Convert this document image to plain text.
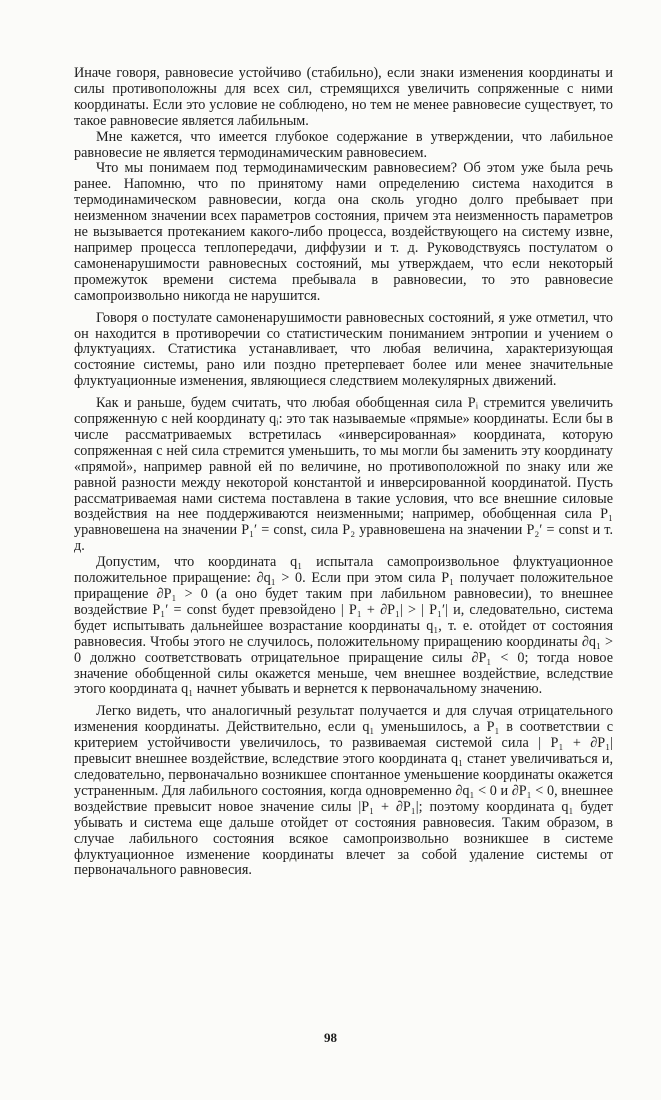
Иначе говоря, равновесие устойчиво (стабильно), если знаки изменения координаты и силы противоположны для всех сил, стремящихся увеличить сопряженные с ними координаты. Если это условие не соблюдено, но тем не менее равновесие существует, то такое равновесие является лабильным.

Мне кажется, что имеется глубокое содержание в утверждении, что лабильное равновесие не является термодинамическим равновесием.

Что мы понимаем под термодинамическим равновесием? Об этом уже была речь ранее. Напомню, что по принятому нами определению система находится в термодинамическом равновесии, когда она сколь угодно долго пребывает при неизменном значении всех параметров состояния, причем эта неизменность параметров не вызывается протеканием какого-либо процесса, воздействующего на систему извне, например процесса теплопередачи, диффузии и т. д. Руководствуясь постулатом о самоненарушимости равновесных состояний, мы утверждаем, что если некоторый промежуток времени система пребывала в равновесии, то это равновесие самопроизвольно никогда не нарушится.

Говоря о постулате самоненарушимости равновесных состояний, я уже отметил, что он находится в противоречии со статистическим пониманием энтропии и учением о флуктуациях. Статистика устанавливает, что любая величина, характеризующая состояние системы, рано или поздно претерпевает более или менее значительные флуктуационные изменения, являющиеся следствием молекулярных движений.

Как и раньше, будем считать, что любая обобщенная сила Pᵢ стремится увеличить сопряженную с ней координату qᵢ: это так называемые «прямые» координаты. Если бы в числе рассматриваемых встретилась «инверсированная» координата, которую сопряженная с ней сила стремится уменьшить, то мы могли бы заменить эту координату «прямой», например равной ей по величине, но противоположной по знаку или же равной разности между некоторой константой и инверсированной координатой. Пусть рассматриваемая нами система поставлена в такие условия, что все внешние силовые воздействия на нее поддерживаются неизменными; например, обобщенная сила P₁ уравновешена на значении P₁′ = const, сила P₂ уравновешена на значении P₂′ = const и т. д.

Допустим, что координата q₁ испытала самопроизвольное флуктуационное положительное приращение: ∂q₁ > 0. Если при этом сила P₁ получает положительное приращение ∂P₁ > 0 (а оно будет таким при лабильном равновесии), то внешнее воздействие P₁′ = const будет превзойдено | P₁ + ∂P₁| > | P₁′| и, следовательно, система будет испытывать дальнейшее возрастание координаты q₁, т. е. отойдет от состояния равновесия. Чтобы этого не случилось, положительному приращению координаты ∂q₁ > 0 должно соответствовать отрицательное приращение силы ∂P₁ < 0; тогда новое значение обобщенной силы окажется меньше, чем внешнее воздействие, вследствие этого координата q₁ начнет убывать и вернется к первоначальному значению.

Легко видеть, что аналогичный результат получается и для случая отрицательного изменения координаты. Действительно, если q₁ уменьшилось, а P₁ в соответствии с критерием устойчивости увеличилось, то развиваемая системой сила | P₁ + ∂P₁| превысит внешнее воздействие, вследствие этого координата q₁ станет увеличиваться и, следовательно, первоначально возникшее спонтанное уменьшение координаты окажется устраненным. Для лабильного состояния, когда одновременно ∂q₁ < 0 и ∂P₁ < 0, внешнее воздействие превысит новое значение силы |P₁ + ∂P₁|; поэтому координата q₁ будет убывать и система еще дальше отойдет от состояния равновесия. Таким образом, в случае лабильного состояния всякое самопроизвольно возникшее в системе флуктуационное изменение координаты влечет за собой удаление системы от первоначального равновесия.

98
